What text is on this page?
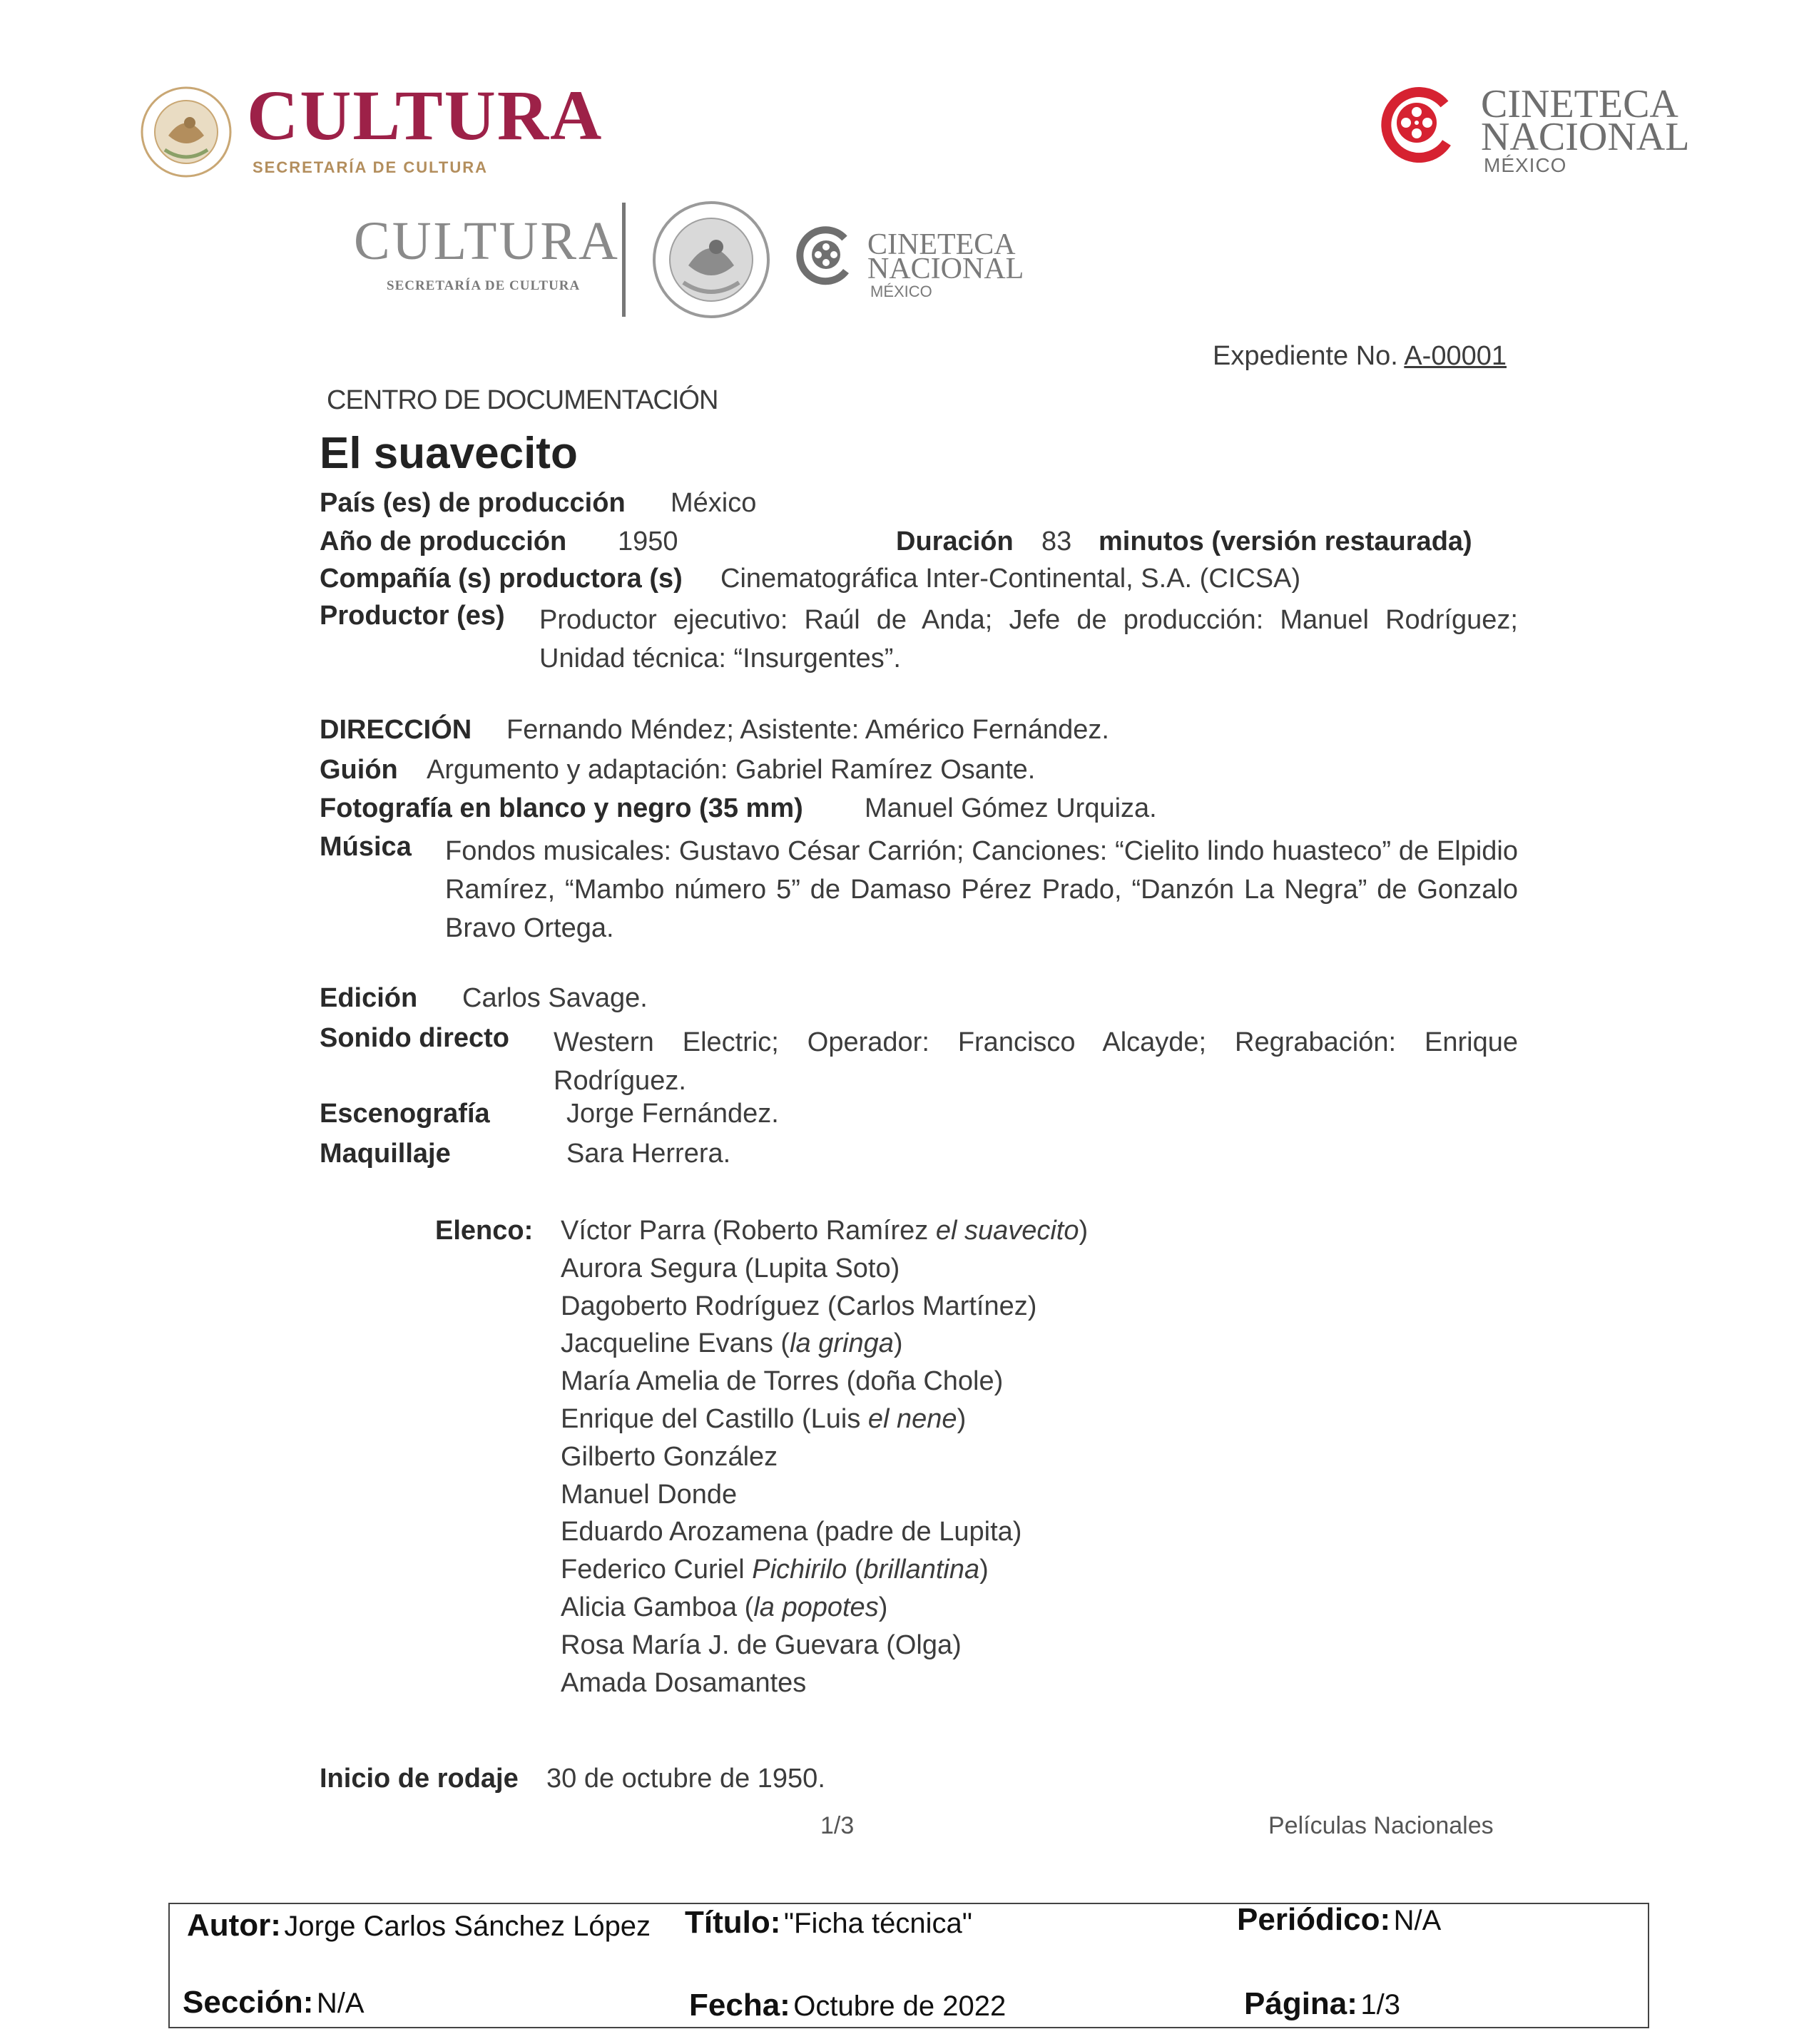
CULTURA
SECRETARÍA DE CULTURA
CINETECA
NACIONAL
MÉXICO
CULTURA
SECRETARÍA DE CULTURA
CINETECA
NACIONAL
MÉXICO
Expediente No. A-00001
CENTRO DE DOCUMENTACIÓN
El suavecito
País (es) de producción México
Año de producción 1950	Duración 83 minutos (versión restaurada)
Compañía (s) productora (s) Cinematográfica Inter-Continental, S.A. (CICSA)
Productor (es) Productor ejecutivo: Raúl de Anda; Jefe de producción: Manuel Rodríguez; Unidad técnica: “Insurgentes”.
DIRECCIÓN Fernando Méndez; Asistente: Américo Fernández.
Guión Argumento y adaptación: Gabriel Ramírez Osante.
Fotografía en blanco y negro (35 mm) Manuel Gómez Urquiza.
Música Fondos musicales: Gustavo César Carrión; Canciones: “Cielito lindo huasteco” de Elpidio Ramírez, “Mambo número 5” de Damaso Pérez Prado, “Danzón La Negra” de Gonzalo Bravo Ortega.
Edición Carlos Savage.
Sonido directo Western Electric; Operador: Francisco Alcayde; Regrabación: Enrique Rodríguez.
Escenografía	Jorge Fernández.
Maquillaje	Sara Herrera.
Elenco: Víctor Parra (Roberto Ramírez el suavecito)
Aurora Segura (Lupita Soto)
Dagoberto Rodríguez (Carlos Martínez)
Jacqueline Evans (la gringa)
María Amelia de Torres (doña Chole)
Enrique del Castillo (Luis el nene)
Gilberto González
Manuel Donde
Eduardo Arozamena (padre de Lupita)
Federico Curiel Pichirilo (brillantina)
Alicia Gamboa (la popotes)
Rosa María J. de Guevara (Olga)
Amada Dosamantes
Inicio de rodaje 30 de octubre de 1950.
1/3	Películas Nacionales
Autor: Jorge Carlos Sánchez López Título: "Ficha técnica"	Periódico: N/A
Sección: N/A	Fecha: Octubre de 2022	Página: 1/3
